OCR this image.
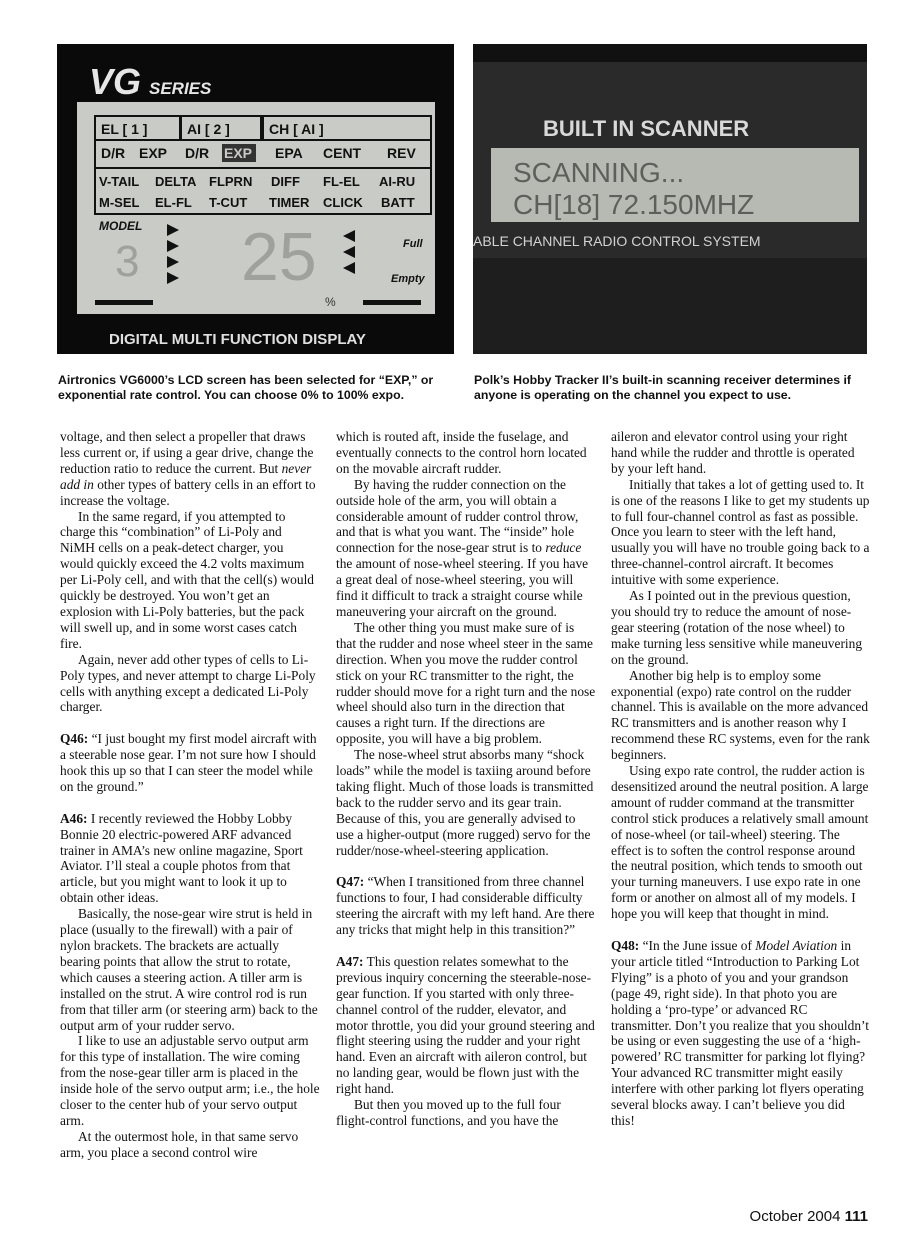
VG SERIES
EL [ 1 ]	AI [ 2 ]	CH [ AI ]
D/R EXP D/R EXP EPA CENT REV
V-TAIL DELTA FLPRN DIFF FL-EL AI-RU
M-SEL EL-FL T-CUT TIMER CLICK BATT
MODEL
3 25
%
Full
Empty
DIGITAL MULTI FUNCTION DISPLAY
BUILT IN SCANNER
SCANNING...
CH[18] 72.150MHZ
ABLE CHANNEL RADIO CONTROL SYSTEM
Airtronics VG6000’s LCD screen has been selected for “EXP,” or exponential rate control. You can choose 0% to 100% expo.
Polk’s Hobby Tracker II’s built-in scanning receiver determines if anyone is operating on the channel you expect to use.

voltage, and then select a propeller that draws less current or, if using a gear drive, change the reduction ratio to reduce the current. But never add in other types of battery cells in an effort to increase the voltage.

In the same regard, if you attempted to charge this “combination” of Li-Poly and NiMH cells on a peak-detect charger, you would quickly exceed the 4.2 volts maximum per Li-Poly cell, and with that the cell(s) would quickly be destroyed. You won’t get an explosion with Li-Poly batteries, but the pack will swell up, and in some worst cases catch fire.

Again, never add other types of cells to Li-Poly types, and never attempt to charge Li-Poly cells with anything except a dedicated Li-Poly charger.

Q46: “I just bought my first model aircraft with a steerable nose gear. I’m not sure how I should hook this up so that I can steer the model while on the ground.”

A46: I recently reviewed the Hobby Lobby Bonnie 20 electric-powered ARF advanced trainer in AMA’s new online magazine, Sport Aviator. I’ll steal a couple photos from that article, but you might want to look it up to obtain other ideas.

Basically, the nose-gear wire strut is held in place (usually to the firewall) with a pair of nylon brackets. The brackets are actually bearing points that allow the strut to rotate, which causes a steering action. A tiller arm is installed on the strut. A wire control rod is run from that tiller arm (or steering arm) back to the output arm of your rudder servo.

I like to use an adjustable servo output arm for this type of installation. The wire coming from the nose-gear tiller arm is placed in the inside hole of the servo output arm; i.e., the hole closer to the center hub of your servo output arm.

At the outermost hole, in that same servo arm, you place a second control wire

which is routed aft, inside the fuselage, and eventually connects to the control horn located on the movable aircraft rudder.

By having the rudder connection on the outside hole of the arm, you will obtain a considerable amount of rudder control throw, and that is what you want. The “inside” hole connection for the nose-gear strut is to reduce the amount of nose-wheel steering. If you have a great deal of nose-wheel steering, you will find it difficult to track a straight course while maneuvering your aircraft on the ground.

The other thing you must make sure of is that the rudder and nose wheel steer in the same direction. When you move the rudder control stick on your RC transmitter to the right, the rudder should move for a right turn and the nose wheel should also turn in the direction that causes a right turn. If the directions are opposite, you will have a big problem.

The nose-wheel strut absorbs many “shock loads” while the model is taxiing around before taking flight. Much of those loads is transmitted back to the rudder servo and its gear train. Because of this, you are generally advised to use a higher-output (more rugged) servo for the rudder/nose-wheel-steering application.

Q47: “When I transitioned from three channel functions to four, I had considerable difficulty steering the aircraft with my left hand. Are there any tricks that might help in this transition?”

A47: This question relates somewhat to the previous inquiry concerning the steerable-nose-gear function. If you started with only three-channel control of the rudder, elevator, and motor throttle, you did your ground steering and flight steering using the rudder and your right hand. Even an aircraft with aileron control, but no landing gear, would be flown just with the right hand.

But then you moved up to the full four flight-control functions, and you have the

aileron and elevator control using your right hand while the rudder and throttle is operated by your left hand.

Initially that takes a lot of getting used to. It is one of the reasons I like to get my students up to full four-channel control as fast as possible. Once you learn to steer with the left hand, usually you will have no trouble going back to a three-channel-control aircraft. It becomes intuitive with some experience.

As I pointed out in the previous question, you should try to reduce the amount of nose-gear steering (rotation of the nose wheel) to make turning less sensitive while maneuvering on the ground.

Another big help is to employ some exponential (expo) rate control on the rudder channel. This is available on the more advanced RC transmitters and is another reason why I recommend these RC systems, even for the rank beginners.

Using expo rate control, the rudder action is desensitized around the neutral position. A large amount of rudder command at the transmitter control stick produces a relatively small amount of nose-wheel (or tail-wheel) steering. The effect is to soften the control response around the neutral position, which tends to smooth out your turning maneuvers. I use expo rate in one form or another on almost all of my models. I hope you will keep that thought in mind.

Q48: “In the June issue of Model Aviation in your article titled “Introduction to Parking Lot Flying” is a photo of you and your grandson (page 49, right side). In that photo you are holding a ‘pro-type’ or advanced RC transmitter. Don’t you realize that you shouldn’t be using or even suggesting the use of a ‘high-powered’ RC transmitter for parking lot flying? Your advanced RC transmitter might easily interfere with other parking lot flyers operating several blocks away. I can’t believe you did this!

October 2004 111
